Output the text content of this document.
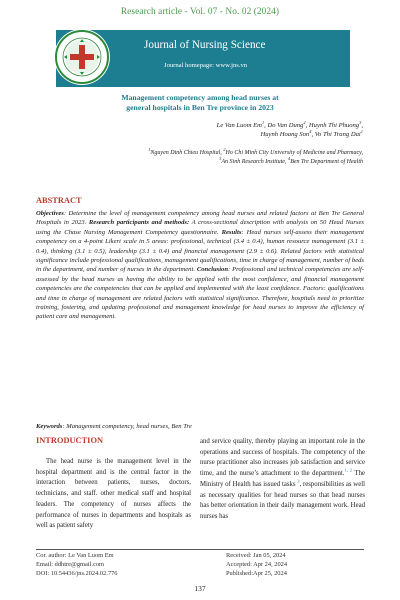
Research article - Vol. 07 - No. 02 (2024)
Journal of Nursing Science
Journal homepage: www.jns.vn
Management competency among head nurses at
general hospitals in Ben Tre province in 2023
Le Van Luom Em$^1$, Do Van Dung$^2$, Huynh Thi Phuong$^3$,
Huynh Hoang Son$^4$, Vo Thi Trang Dai$^1$
$^1$Nguyen Dinh Chieu Hospital, $^2$Ho Chi Minh City University of Medicine and Pharmacy,
$^3$An Sinh Research Institute, $^4$Ben Tre Department of Health
ABSTRACT
Objectives: Determine the level of management competency among head nurses and related factors at Ben Tre General Hospitals in 2023. Research participants and methods: A cross-sectional description with analysis on 50 Head Nurses using the Chase Nursing Management Competency questionnaire. Results: Head nurses self-assess their management competency on a 4-point Likert scale in 5 areas: professional, technical (3.4 ± 0.4), human resource management (3.1 ± 0.4), thinking (3.1 ± 0.5), leadership (3.1 ± 0.4) and financial management (2.9 ± 0.6). Related factors with statistical significance include professional qualifications, management qualifications, time in charge of management, number of beds in the department, and number of nurses in the department. Conclusion: Professional and technical competencies are self-assessed by the head nurses as having the ability to be applied with the most confidence, and financial management competencies are the competencies that can be applied and implemented with the least confidence. Factors: qualifications and time in charge of management are related factors with statistical significance. Therefore, hospitals need to prioritize training, fostering, and updating professional and management knowledge for head nurses to improve the efficiency of patient care and management.
Keywords: Management competency, head nurses, Ben Tre
INTRODUCTION
The head nurse is the management level in the hospital department and is the central factor in the interaction between patients, nurses, doctors, technicians, and staff. other medical staff and hospital leaders. The competency of nurses affects the performance of nurses in departments and hospitals as well as patient safety
and service quality, thereby playing an important role in the operations and success of hospitals. The competency of the nurse practitioner also increases job satisfaction and service time, and the nurse’s attachment to the department.$^{1, 2}$ The Ministry of Health has issued tasks $^3$, responsibilities as well as necessary qualities for head nurses so that head nurses has better orientation in their daily management work. Head nurses has
Cor. author: Le Van Luom Em
Email: ddhtre@gmail.com
DOI: 10.54436/jns.2024.02.776
Received: Jan 05, 2024
Accepted: Apr 24, 2024
Published:Apr 25, 2024
137
